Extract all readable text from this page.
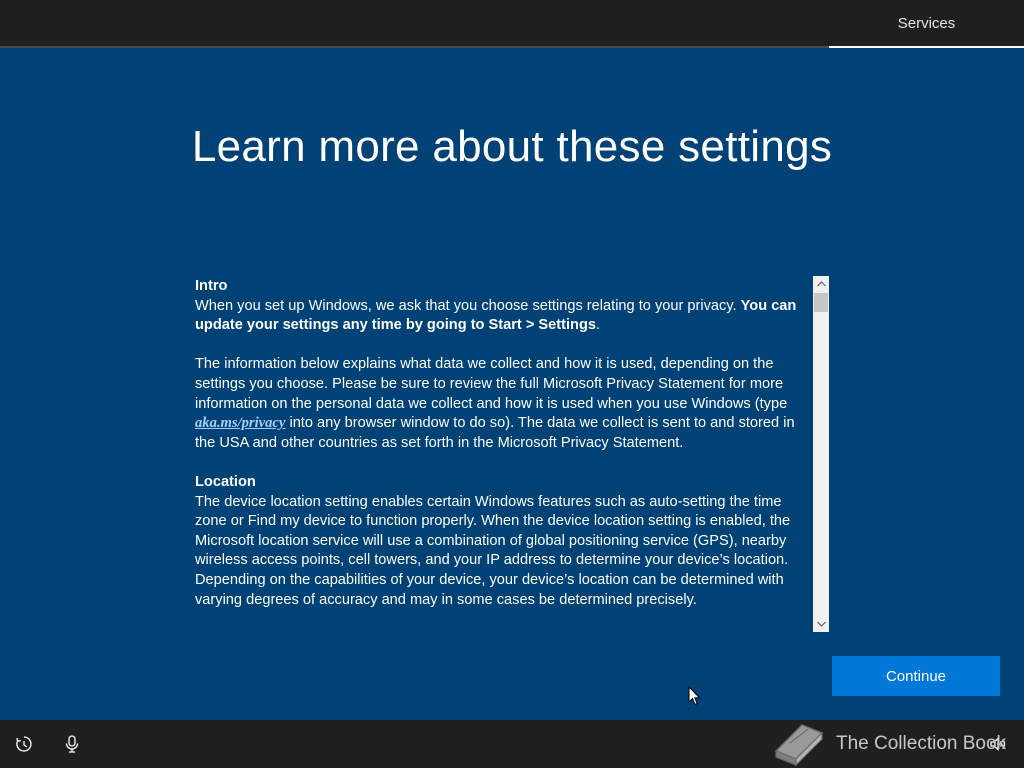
Services
Learn more about these settings
Intro

When you set up Windows, we ask that you choose settings relating to your privacy. You can update your settings any time by going to Start > Settings.

The information below explains what data we collect and how it is used, depending on the settings you choose. Please be sure to review the full Microsoft Privacy Statement for more information on the personal data we collect and how it is used when you use Windows (type aka.ms/privacy into any browser window to do so). The data we collect is sent to and stored in the USA and other countries as set forth in the Microsoft Privacy Statement.

Location

The device location setting enables certain Windows features such as auto-setting the time zone or Find my device to function properly. When the device location setting is enabled, the Microsoft location service will use a combination of global positioning service (GPS), nearby wireless access points, cell towers, and your IP address to determine your device’s location. Depending on the capabilities of your device, your device’s location can be determined with varying degrees of accuracy and may in some cases be determined precisely.

Continue
The Collection Book
